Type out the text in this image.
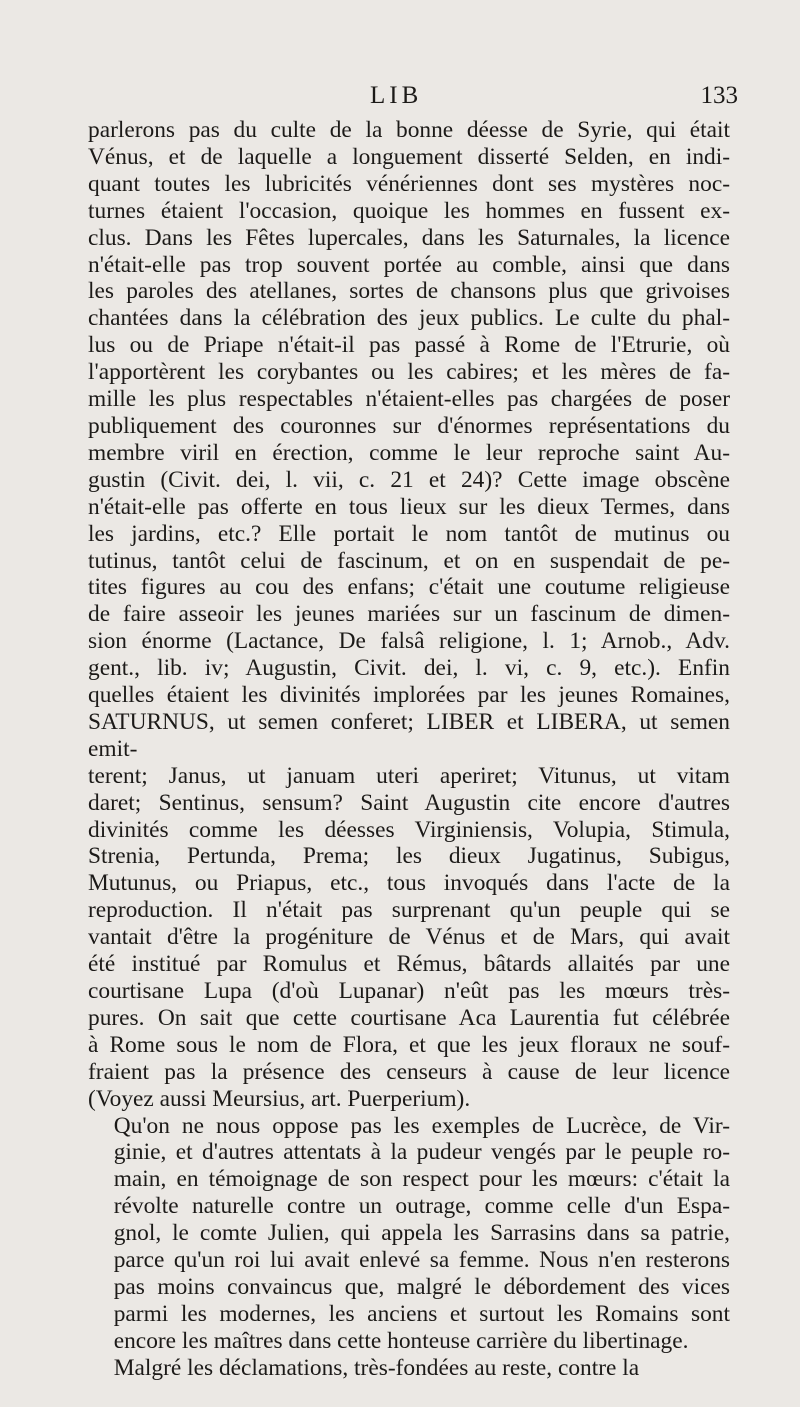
LIB	133

parlerons pas du culte de la bonne déesse de Syrie, qui était
Vénus, et de laquelle a longuement disserté Selden, en indi-
quant toutes les lubricités vénériennes dont ses mystères noc-
turnes étaient l'occasion, quoique les hommes en fussent ex-
clus. Dans les Fêtes lupercales, dans les Saturnales, la licence
n'était-elle pas trop souvent portée au comble, ainsi que dans
les paroles des atellanes, sortes de chansons plus que grivoises
chantées dans la célébration des jeux publics. Le culte du phal-
lus ou de Priape n'était-il pas passé à Rome de l'Etrurie, où
l'apportèrent les corybantes ou les cabires; et les mères de fa-
mille les plus respectables n'étaient-elles pas chargées de poser
publiquement des couronnes sur d'énormes représentations du
membre viril en érection, comme le leur reproche saint Au-
gustin (Civit. dei, l. vii, c. 21 et 24)? Cette image obscène
n'était-elle pas offerte en tous lieux sur les dieux Termes, dans
les jardins, etc.? Elle portait le nom tantôt de mutinus ou
tutinus, tantôt celui de fascinum, et on en suspendait de pe-
tites figures au cou des enfans; c'était une coutume religieuse
de faire asseoir les jeunes mariées sur un fascinum de dimen-
sion énorme (Lactance, De falsâ religione, l. 1; Arnob., Adv.
gent., lib. iv; Augustin, Civit. dei, l. vi, c. 9, etc.). Enfin
quelles étaient les divinités implorées par les jeunes Romaines,
SATURNUS, ut semen conferet; LIBER et LIBERA, ut semen emit-
terent; Janus, ut januam uteri aperiret; Vitunus, ut vitam
daret; Sentinus, sensum? Saint Augustin cite encore d'autres
divinités comme les déesses Virginiensis, Volupia, Stimula,
Strenia, Pertunda, Prema; les dieux Jugatinus, Subigus,
Mutunus, ou Priapus, etc., tous invoqués dans l'acte de la
reproduction. Il n'était pas surprenant qu'un peuple qui se
vantait d'être la progéniture de Vénus et de Mars, qui avait
été institué par Romulus et Rémus, bâtards allaités par une
courtisane Lupa (d'où Lupanar) n'eût pas les mœurs très-
pures. On sait que cette courtisane Aca Laurentia fut célébrée
à Rome sous le nom de Flora, et que les jeux floraux ne souf-
fraient pas la présence des censeurs à cause de leur licence
(Voyez aussi Meursius, art. Puerperium).

Qu'on ne nous oppose pas les exemples de Lucrèce, de Vir-
ginie, et d'autres attentats à la pudeur vengés par le peuple ro-
main, en témoignage de son respect pour les mœurs: c'était la
révolte naturelle contre un outrage, comme celle d'un Espa-
gnol, le comte Julien, qui appela les Sarrasins dans sa patrie,
parce qu'un roi lui avait enlevé sa femme. Nous n'en resterons
pas moins convaincus que, malgré le débordement des vices
parmi les modernes, les anciens et surtout les Romains sont
encore les maîtres dans cette honteuse carrière du libertinage.

Malgré les déclamations, très-fondées au reste, contre la
